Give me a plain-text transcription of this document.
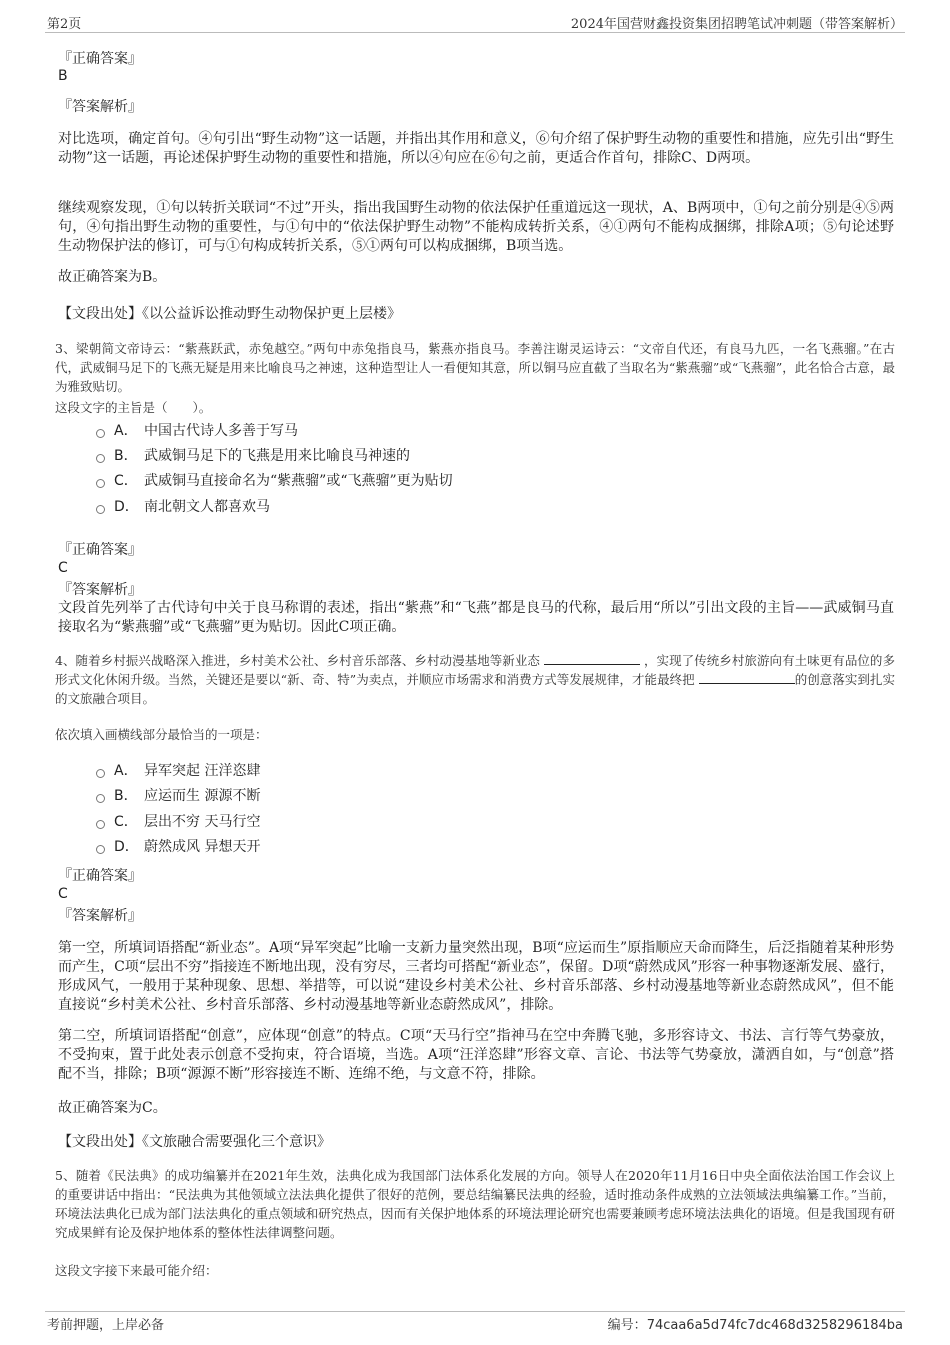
第2页	2024年国营财鑫投资集团招聘笔试冲刺题（带答案解析）
『正确答案』
B
『答案解析』
对比选项，确定首句。④句引出“野生动物”这一话题，并指出其作用和意义，⑥句介绍了保护野生动物的重要性和措施，应先引出“野生动物”这一话题，再论述保护野生动物的重要性和措施，所以④句应在⑥句之前，更适合作首句，排除C、D两项。
继续观察发现，①句以转折关联词“不过”开头，指出我国野生动物的依法保护任重道远这一现状，A、B两项中，①句之前分别是④⑤两句，④句指出野生动物的重要性，与①句中的“依法保护野生动物”不能构成转折关系，④①两句不能构成捆绑，排除A项；⑤句论述野生动物保护法的修订，可与①句构成转折关系，⑤①两句可以构成捆绑，B项当选。
故正确答案为B。
【文段出处】《以公益诉讼推动野生动物保护更上层楼》
3、梁朝简文帝诗云：“紫燕跃武，赤兔越空。”两句中赤兔指良马，紫燕亦指良马。李善注谢灵运诗云：“文帝自代还，有良马九匹，一名飞燕骝。”在古代，武威铜马足下的飞燕无疑是用来比喻良马之神速，这种造型让人一看便知其意，所以铜马应直截了当取名为“紫燕骝”或“飞燕骝”，此名恰合古意，最为雅致贴切。
这段文字的主旨是（　　）。
A． 中国古代诗人多善于写马
B． 武威铜马足下的飞燕是用来比喻良马神速的
C． 武威铜马直接命名为“紫燕骝”或“飞燕骝”更为贴切
D． 南北朝文人都喜欢马
『正确答案』
C
『答案解析』
文段首先列举了古代诗句中关于良马称谓的表述，指出“紫燕”和“飞燕”都是良马的代称，最后用“所以”引出文段的主旨——武威铜马直接取名为“紫燕骝”或“飞燕骝”更为贴切。因此C项正确。
4、随着乡村振兴战略深入推进，乡村美术公社、乡村音乐部落、乡村动漫基地等新业态	，实现了传统乡村旅游向有土味更有品位的多形式文化休闲升级。当然，关键还是要以“新、奇、特”为卖点，并顺应市场需求和消费方式等发展规律，才能最终把	的创意落实到扎实的文旅融合项目。
依次填入画横线部分最恰当的一项是：
A． 异军突起 汪洋恣肆
B． 应运而生 源源不断
C． 层出不穷 天马行空
D． 蔚然成风 异想天开
『正确答案』
C
『答案解析』
第一空，所填词语搭配“新业态”。A项“异军突起”比喻一支新力量突然出现，B项“应运而生”原指顺应天命而降生，后泛指随着某种形势而产生，C项“层出不穷”指接连不断地出现，没有穷尽，三者均可搭配“新业态”，保留。D项“蔚然成风”形容一种事物逐渐发展、盛行，形成风气，一般用于某种现象、思想、举措等，可以说“建设乡村美术公社、乡村音乐部落、乡村动漫基地等新业态蔚然成风”，但不能直接说“乡村美术公社、乡村音乐部落、乡村动漫基地等新业态蔚然成风”，排除。
第二空，所填词语搭配“创意”，应体现“创意”的特点。C项“天马行空”指神马在空中奔腾飞驰，多形容诗文、书法、言行等气势豪放，不受拘束，置于此处表示创意不受拘束，符合语境，当选。A项“汪洋恣肆”形容文章、言论、书法等气势豪放，潇洒自如，与“创意”搭配不当，排除；B项“源源不断”形容接连不断、连绵不绝，与文意不符，排除。
故正确答案为C。
【文段出处】《文旅融合需要强化三个意识》
5、随着《民法典》的成功编纂并在2021年生效，法典化成为我国部门法体系化发展的方向。领导人在2020年11月16日中央全面依法治国工作会议上的重要讲话中指出：“民法典为其他领域立法法典化提供了很好的范例，要总结编纂民法典的经验，适时推动条件成熟的立法领域法典编纂工作。”当前，环境法法典化已成为部门法法典化的重点领域和研究热点，因而有关保护地体系的环境法理论研究也需要兼顾考虑环境法法典化的语境。但是我国现有研究成果鲜有论及保护地体系的整体性法律调整问题。
这段文字接下来最可能介绍：
考前押题，上岸必备	编号：74caa6a5d74fc7dc468d3258296184ba
